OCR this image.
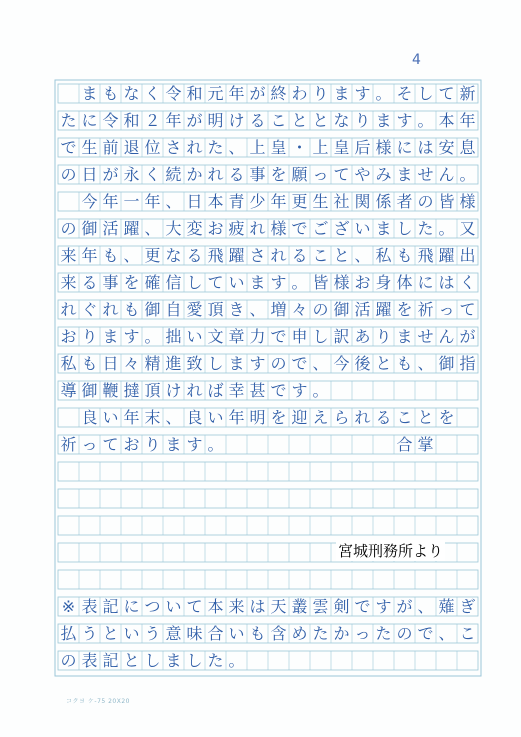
4

ま も な く 令 和 元 年 が 終 わ り ま す 。 そ し て 新
た に 令 和 ２ 年 が 明 け る こ と と な り ま す 。 本 年
で 生 前 退 位 さ れ た 、 上 皇 ・ 上 皇 后 様 に は 安 息
の 日 が 永 く 続 か れ る 事 を 願 っ て や み ま せ ん 。

今 年 一 年 、 日 本 青 少 年 更 生 社 関 係 者 の 皆 様
の 御 活 躍 、 大 変 お 疲 れ 様 で ご ざ い ま し た 。 又
来 年 も 、 更 な る 飛 躍 さ れ る こ と 、 私 も 飛 躍 出
来 る 事 を 確 信 し て い ま す 。 皆 様 お 身 体 に は く
れ ぐ れ も 御 自 愛 頂 き 、 増 々 の 御 活 躍 を 祈 っ て
お り ま す 。 拙 い 文 章 力 で 申 し 訳 あ り ま せ ん が
私 も 日 々 精 進 致 し ま す の で 、 今 後 と も 、 御 指
導 御 鞭 撻 頂 け れ ば 幸 甚 で す 。

良 い 年 末 、 良 い 年 明 を 迎 え ら れ る こ と を
祈 っ て お り ま す 。

　	合 掌
※ 表 記 に つ い て 本 来 は 天 叢 雲 剣 で す が 、 薙 ぎ
払 う と い う 意 味 合 い も 含 め た か っ た の で 、 こ
の 表 記 と し ま し た 。
宮城刑務所より
コクヨ ケ-75 20X20
